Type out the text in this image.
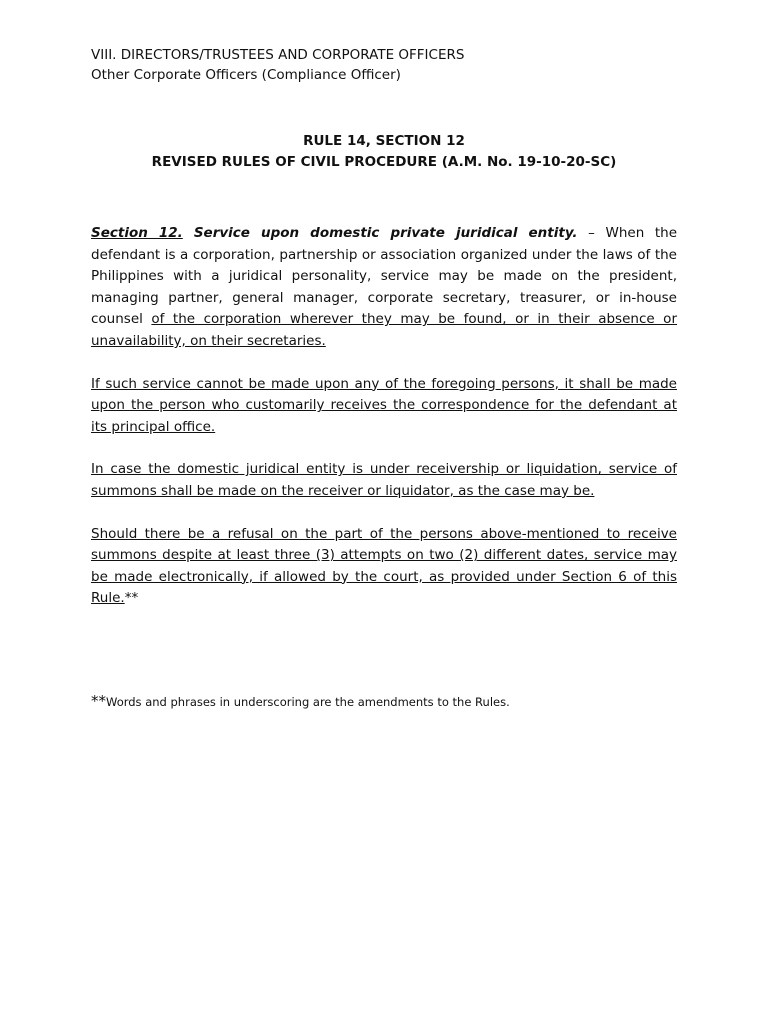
VIII. DIRECTORS/TRUSTEES AND CORPORATE OFFICERS

Other Corporate Officers (Compliance Officer)

RULE 14, SECTION 12

REVISED RULES OF CIVIL PROCEDURE (A.M. No. 19-10-20-SC)

Section 12. Service upon domestic private juridical entity. – When the defendant is a corporation, partnership or association organized under the laws of the Philippines with a juridical personality, service may be made on the president, managing partner, general manager, corporate secretary, treasurer, or in-house counsel of the corporation wherever they may be found, or in their absence or unavailability, on their secretaries.

If such service cannot be made upon any of the foregoing persons, it shall be made upon the person who customarily receives the correspondence for the defendant at its principal office.

In case the domestic juridical entity is under receivership or liquidation, service of summons shall be made on the receiver or liquidator, as the case may be.

Should there be a refusal on the part of the persons above-mentioned to receive summons despite at least three (3) attempts on two (2) different dates, service may be made electronically, if allowed by the court, as provided under Section 6 of this Rule.**

**Words and phrases in underscoring are the amendments to the Rules.
